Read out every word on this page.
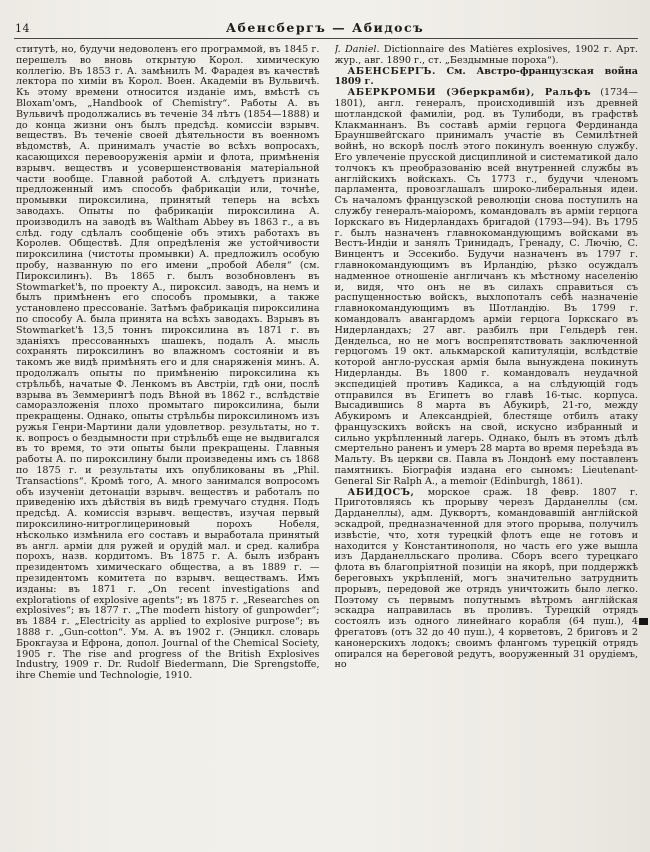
14	Абенсбергъ — Абидосъ

ститутѣ, но, будучи недоволенъ его программой, въ 1845 г. перешелъ во вновь открытую Корол. химическую коллегію. Въ 1853 г. А. замѣнилъ М. Фарадея въ качествѣ лектора по химіи въ Корол. Воен. Академіи въ Вульвичѣ. Къ этому времени относится изданіе имъ, вмѣстѣ съ Bloxam'омъ, „Handbook of Chemistry“. Работы А. въ Вульвичѣ продолжались въ теченіе 34 лѣтъ (1854—1888) и до конца жизни онъ былъ предсѣд. комиссіи взрывч. веществъ. Въ теченіе своей дѣятельности въ военномъ вѣдомствѣ, А. принималъ участіе во всѣхъ вопросахъ, касающихся перевооруженія арміи и флота, примѣненія взрывч. веществъ и усовершенствованія матеріальной части вообще. Главной работой А. слѣдуетъ признать предложенный имъ способъ фабрикаціи или, точнѣе, промывки пироксилина, принятый теперь на всѣхъ заводахъ. Опыты по фабрикаціи пироксилина А. производилъ на заводѣ въ Waltham Abbey въ 1863 г., а въ слѣд. году сдѣлалъ сообщеніе объ этихъ работахъ въ Королев. Обществѣ. Для опредѣленія же устойчивости пироксилина (чистоты промывки) А. предложилъ особую пробу, названную по его имени „пробой Абеля“ (см. Пироксилинъ). Въ 1865 г. былъ возобновленъ въ Stowmarket'ѣ, по проекту А., пироксил. заводъ, на немъ и былъ примѣненъ его способъ промывки, а также установлено прессованіе. Затѣмъ фабрикація пироксилина по способу А. была принята на всѣхъ заводахъ. Взрывъ въ Stowmarket'ѣ 13,5 тоннъ пироксилина въ 1871 г. въ зданіяхъ прессованныхъ шашекъ, подалъ А. мысль сохранять пироксилинъ во влажномъ состояніи и въ такомъ же видѣ примѣнять его и для снаряженія минъ. А. продолжалъ опыты по примѣненію пироксилина къ стрѣльбѣ, начатые Ф. Ленкомъ въ Австріи, гдѣ они, послѣ взрыва въ Земмерингѣ подъ Вѣной въ 1862 г., вслѣдствіе саморазложенія плохо промытаго пироксилина, были прекращены. Однако, опыты стрѣльбы пироксилиномъ изъ ружья Генри-Мартини дали удовлетвор. результаты, но т. к. вопросъ о бездымности при стрѣльбѣ еще не выдвигался въ то время, то эти опыты были прекращены. Главныя работы А. по пироксилину были произведены имъ съ 1868 по 1875 г. и результаты ихъ опубликованы въ „Phil. Transactions“. Кромѣ того, А. много занимался вопросомъ объ изученіи детонаціи взрывч. веществъ и работалъ по приведенію ихъ дѣйствія въ видѣ гремучаго студня. Подъ предсѣд. А. комиссія взрывч. веществъ, изучая первый пироксилино-нитроглицериновый порохъ Нобеля, нѣсколько измѣнила его составъ и выработала принятый въ англ. арміи для ружей и орудій мал. и сред. калибра порохъ, назв. кордитомъ. Въ 1875 г. А. былъ избранъ президентомъ химическаго общества, а въ 1889 г. — президентомъ комитета по взрывч. веществамъ. Имъ изданы: въ 1871 г. „On recent investigations and explorations of explosive agents“; въ 1875 г. „Researches on explosives“; въ 1877 г. „The modern history of gunpowder“; въ 1884 г. „Electricity as applied to explosive purpose“; въ 1888 г. „Gun-cotton“. Ум. А. въ 1902 г. (Энцикл. словарь Брокгауза и Ефрона, допол. Journal of the Chemical Society, 1905 г. The rise and progress of the British Explosives Industry, 1909 г. Dr. Rudolf Biedermann, Die Sprengstoffe, ihre Chemie und Technologie, 1910.

J. Daniel. Dictionnaire des Matières explosives, 1902 г. Арт. жур., авг. 1890 г., ст. „Бездымные пороха“).

АБЕНСБЕРГЪ. См. Австро-французская война 1809 г.

АБЕРКРОМБИ (Эберкрамби), Ральфъ (1734—1801), англ. генералъ, происходившій изъ древней шотландской фамиліи, род. въ Тулибоди, въ графствѣ Клакманнанъ. Въ составѣ арміи герцога Фердинанда Брауншвейгскаго принималъ участіе въ Семилѣтней войнѣ, но вскорѣ послѣ этого покинулъ военную службу. Его увлеченіе прусской дисциплиной и систематикой дало толчокъ къ преобразованію всей внутренней службы въ англійскихъ войскахъ. Съ 1773 г., будучи членомъ парламента, провозглашалъ широко-либеральныя идеи. Съ началомъ французской революціи снова поступилъ на службу генералъ-маіоромъ, командовалъ въ арміи герцога Іоркскаго въ Нидерландахъ бригадой (1793—94). Въ 1795 г. былъ назначенъ главнокомандующимъ войсками въ Вестъ-Индіи и занялъ Тринидадъ, Гренаду, С. Лючію, С. Винцентъ и Эссекибо. Будучи назначенъ въ 1797 г. главнокомандующимъ въ Ирландію, рѣзко осуждалъ надменное отношеніе англичанъ къ мѣстному населенію и, видя, что онъ не въ силахъ справиться съ распущенностью войскъ, выхлопоталъ себѣ назначеніе главнокомандующимъ въ Шотландію. Въ 1799 г. командовалъ авангардомъ арміи герцога Іоркскаго въ Нидерландахъ; 27 авг. разбилъ при Гельдерѣ ген. Дендельса, но не могъ воспрепятствовать заключенной герцогомъ 19 окт. алькмарской капитуляціи, вслѣдствіе которой англо-русская армія была вынуждена покинуть Нидерланды. Въ 1800 г. командовалъ неудачной экспедиціей противъ Кадикса, а на слѣдующій годъ отправился въ Египетъ во главѣ 16-тыс. корпуса. Высадившись 8 марта въ Абукирѣ, 21-го, между Абукиромъ и Александріей, блестяще отбилъ атаку французскихъ войскъ на свой, искусно избранный и сильно укрѣпленный лагерь. Однако, былъ въ этомъ дѣлѣ смертельно раненъ и умеръ 28 марта во время переѣзда въ Мальту. Въ церкви св. Павла въ Лондонѣ ему поставленъ памятникъ. Біографія издана его сыномъ: Lieutenant-General Sir Ralph A., a memoir (Edinburgh, 1861).

АБИДОСЪ, морское сраж. 18 февр. 1807 г. Приготовляясь къ прорыву черезъ Дарданеллы (см. Дарданеллы), адм. Дуквортъ, командовавшій англійской эскадрой, предназначенной для этого прорыва, получилъ извѣстіе, что, хотя турецкій флотъ еще не готовъ и находится у Константинополя, но часть его уже вышла изъ Дарданелльскаго пролива. Сборъ всего турецкаго флота въ благопріятной позиціи на якорѣ, при поддержкѣ береговыхъ укрѣпленій, могъ значительно затруднить прорывъ, передовой же отрядъ уничтожить было легко. Поэтому съ первымъ попутнымъ вѣтромъ англійская эскадра направилась въ проливъ. Турецкій отрядъ состоялъ изъ одного линейнаго корабля (64 пуш.), 4 фрегатовъ (отъ 32 до 40 пуш.), 4 корветовъ, 2 бриговъ и 2 канонерскихъ лодокъ; своимъ флангомъ турецкій отрядъ опирался на береговой редутъ, вооруженный 31 орудіемъ, но
